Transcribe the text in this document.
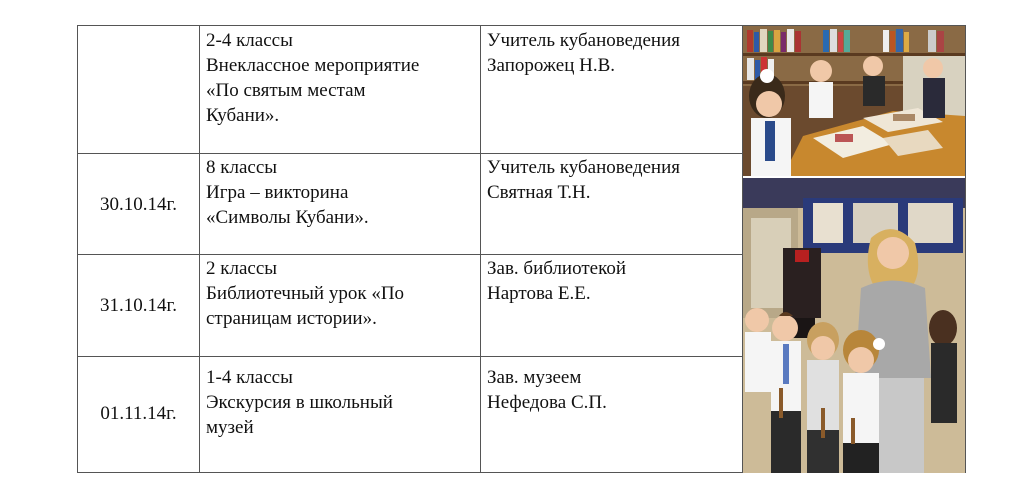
2-4 классы
Внеклассное мероприятие
«По святым местам
Кубани».
Учитель кубановедения
Запорожец Н.В.
30.10.14г.
8 классы
Игра – викторина
«Символы Кубани».
Учитель кубановедения
Святная Т.Н.
31.10.14г.
2 классы
Библиотечный урок «По
страницам истории».
Зав. библиотекой
Нартова Е.Е.
01.11.14г.
1-4 классы
Экскурсия в школьный
музей
Зав. музеем
Нефедова С.П.
